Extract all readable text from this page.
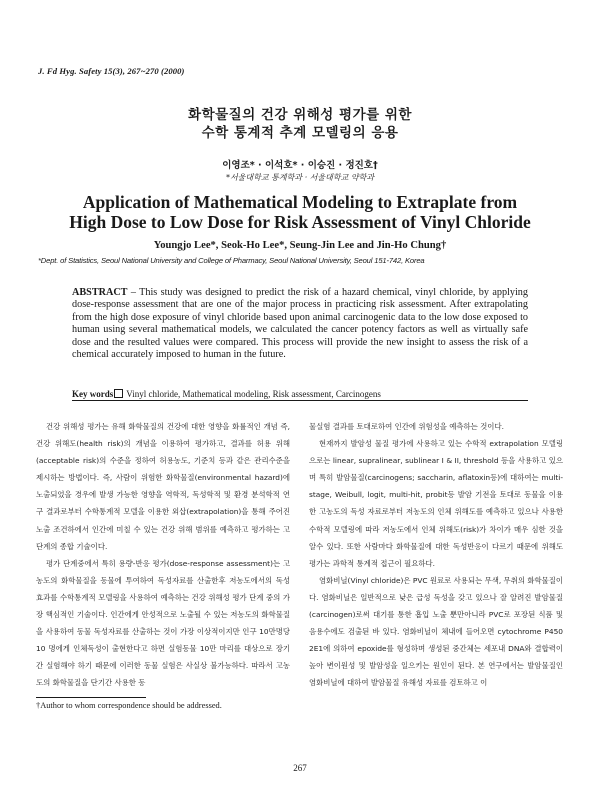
J. Fd Hyg. Safety 15(3), 267~270 (2000)
화학물질의 건강 위해성 평가를 위한
수학 통계적 추계 모델링의 응용
이영조* · 이석호* · 이승진 · 정진호†
*서울대학교 통계학과 · 서울대학교 약학과
Application of Mathematical Modeling to Extraplate from
High Dose to Low Dose for Risk Assessment of Vinyl Chloride
Youngjo Lee*, Seok-Ho Lee*, Seung-Jin Lee and Jin-Ho Chung†
*Dept. of Statistics, Seoul National University and College of Pharmacy, Seoul National University, Seoul 151-742, Korea
ABSTRACT – This study was designed to predict the risk of a hazard chemical, vinyl chloride, by applying dose-response assessment that are one of the major process in practicing risk assessment. After extrapolating from the high dose exposure of vinyl chloride based upon animal carcinogenic data to the low dose exposed to human using several mathematical models, we calculated the cancer potency factors as well as virtually safe dose and the resulted values were compared. This process will provide the new insight to assess the risk of a chemical accurately imposed to human in the future.
Key words Vinyl chloride, Mathematical modeling, Risk assessment, Carcinogens

건강 위해성 평가는 유해 화학물질의 건강에 대한 영향을 화률적인 개념 즉, 건강 위해도(health risk)의 개념을 이용하여 평가하고, 결과를 허용 위해(acceptable risk)의 수준을 정하여 허용농도, 기준치 등과 같은 관리수준을 제시하는 방법이다. 즉, 사람이 위험한 화학물질(environmental hazard)에 노출되었을 경우에 발생 가능한 영향을 역학적, 독성학적 및 환경 분석학적 연구 결과로부터 수학통계적 모델을 이용한 외삽(extrapolation)을 통해 주어진 노출 조건하에서 인간에 미칠 수 있는 건강 위해 범위를 예측하고 평가하는 고단계의 종합 기술이다.

평가 단계중에서 특히 용량-반응 평가(dose-response assessment)는 고농도의 화학물질을 동물에 투여하여 독성자료를 산출한후 저농도에서의 독성 효과를 수학통계적 모델링을 사용하여 예측하는 건강 위해성 평가 단계 중의 가장 핵심적인 기술이다. 인간에게 안성적으로 노출될 수 있는 저농도의 화학물질을 사용하여 동물 독성자료를 산출하는 것이 가장 이상적이지만 인구 10만명당 10 명에게 인체독성이 출현한다고 하면 실험동물 10만 마리를 대상으로 장기간 실험해야 하기 때문에 이러한 동물 실험은 사실상 불가능하다. 따라서 고농도의 화학물질을 단기간 사용한 동

물실험 결과를 토대로하여 인간에 위험성을 예측하는 것이다.

현재까지 발암성 물질 평가에 사용하고 있는 수학적 extrapolation 모델링으로는 linear, supralinear, sublinear I & II, threshold 등을 사용하고 있으며 특히 발암물질(carcinogens; saccharin, aflatoxin등)에 대하여는 multi-stage, Weibull, logit, multi-hit, probit등 발암 기전을 토대로 동물을 이용한 고농도의 독성 자료로부터 저농도의 인체 위해도를 예측하고 있으나 사용한 수학적 모델링에 따라 저농도에서 인체 위해도(risk)가 차이가 매우 심한 것을 알수 있다. 또한 사람마다 화학물질에 대한 독성반응이 다르기 때문에 위해도 평가는 과학적 통계적 접근이 필요하다.

염화비닐(Vinyl chloride)은 PVC 원료로 사용되는 무색, 무취의 화학물질이다. 염화비닐은 일반적으로 낮은 급성 독성을 갖고 있으나 잘 알려진 발암물질(carcinogen)로써 대기를 통한 흡입 노출 뿐만아니라 PVC로 포장된 식품 및 음용수에도 검출된 바 있다. 염화비닐이 체내에 들어오면 cytochrome P450 2E1에 의하여 epoxide를 형성하며 생성된 중간체는 세포내 DNA와 결합력이 높아 변이원성 및 발암성을 일으키는 원인이 된다. 본 연구에서는 발암물질인 염화비닐에 대하여 발암물질 유해성 자료를 검토하고 이

†Author to whom correspondence should be addressed.
267
